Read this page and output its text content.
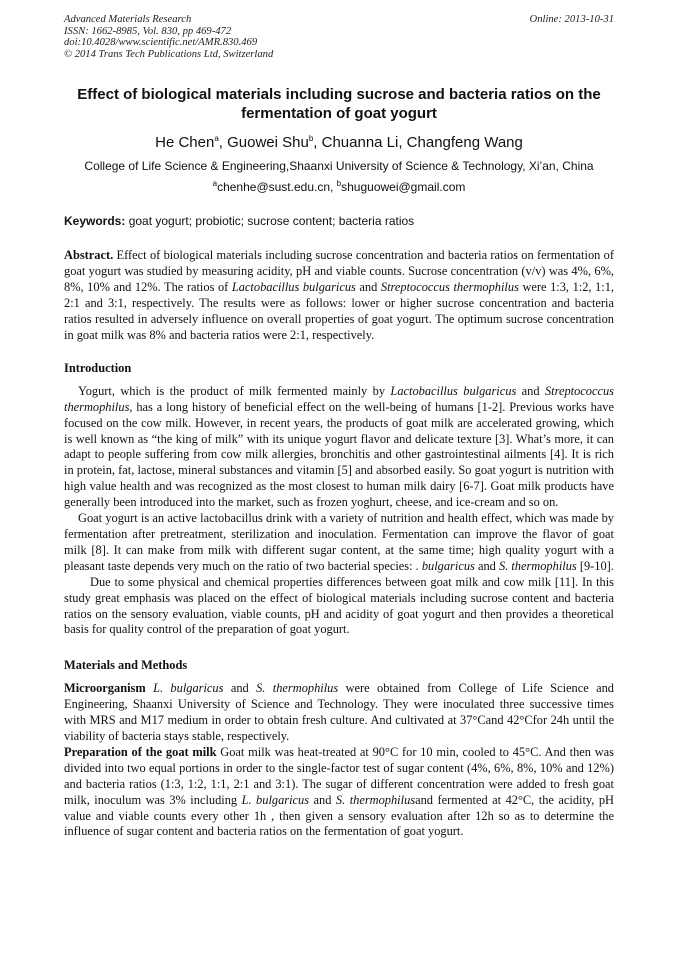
Advanced Materials Research
ISSN: 1662-8985, Vol. 830, pp 469-472
doi:10.4028/www.scientific.net/AMR.830.469
© 2014 Trans Tech Publications Ltd, Switzerland
Online: 2013-10-31
Effect of biological materials including sucrose and bacteria ratios on the fermentation of goat yogurt
He Chen$^a$, Guowei Shu$^b$, Chuanna Li, Changfeng Wang
College of Life Science & Engineering,Shaanxi University of Science & Technology, Xi’an, China
$^a$chenhe@sust.edu.cn, $^b$shuguowei@gmail.com
Keywords: goat yogurt; probiotic; sucrose content; bacteria ratios
Abstract. Effect of biological materials including sucrose concentration and bacteria ratios on fermentation of goat yogurt was studied by measuring acidity, pH and viable counts. Sucrose concentration (v/v) was 4%, 6%, 8%, 10% and 12%. The ratios of Lactobacillus bulgaricus and Streptococcus thermophilus were 1:3, 1:2, 1:1, 2:1 and 3:1, respectively. The results were as follows: lower or higher sucrose concentration and bacteria ratios resulted in adversely influence on overall properties of goat yogurt. The optimum sucrose concentration in goat milk was 8% and bacteria ratios were 2:1, respectively.
Introduction

Yogurt, which is the product of milk fermented mainly by Lactobacillus bulgaricus and Streptococcus thermophilus, has a long history of beneficial effect on the well-being of humans [1-2]. Previous works have focused on the cow milk. However, in recent years, the products of goat milk are accelerated growing, which is well known as “the king of milk” with its unique yogurt flavor and delicate texture [3]. What’s more, it can adapt to people suffering from cow milk allergies, bronchitis and other gastrointestinal ailments [4]. It is rich in protein, fat, lactose, mineral substances and vitamin [5] and absorbed easily. So goat yogurt is nutrition with high value health and was recognized as the most closest to human milk dairy [6-7]. Goat milk products have generally been introduced into the market, such as frozen yoghurt, cheese, and ice-cream and so on.

Goat yogurt is an active lactobacillus drink with a variety of nutrition and health effect, which was made by fermentation after pretreatment, sterilization and inoculation. Fermentation can improve the flavor of goat milk [8]. It can make from milk with different sugar content, at the same time; high quality yogurt with a pleasant taste depends very much on the ratio of two bacterial species: . bulgaricus and S. thermophilus [9-10].

Due to some physical and chemical properties differences between goat milk and cow milk [11]. In this study great emphasis was placed on the effect of biological materials including sucrose content and bacteria ratios on the sensory evaluation, viable counts, pH and acidity of goat yogurt and then provides a theoretical basis for quality control of the preparation of goat yogurt.

Materials and Methods

Microorganism L. bulgaricus and S. thermophilus were obtained from College of Life Science and Engineering, Shaanxi University of Science and Technology. They were inoculated three successive times with MRS and M17 medium in order to obtain fresh culture. And cultivated at 37°Cand 42°Cfor 24h until the viability of bacteria stays stable, respectively.

Preparation of the goat milk Goat milk was heat-treated at 90°C for 10 min, cooled to 45°C. And then was divided into two equal portions in order to the single-factor test of sugar content (4%, 6%, 8%, 10% and 12%) and bacteria ratios (1:3, 1:2, 1:1, 2:1 and 3:1). The sugar of different concentration were added to fresh goat milk, inoculum was 3% including L. bulgaricus and S. thermophilusand fermented at 42°C, the acidity, pH value and viable counts every other 1h , then given a sensory evaluation after 12h so as to determine the influence of sugar content and bacteria ratios on the fermentation of goat yogurt.
